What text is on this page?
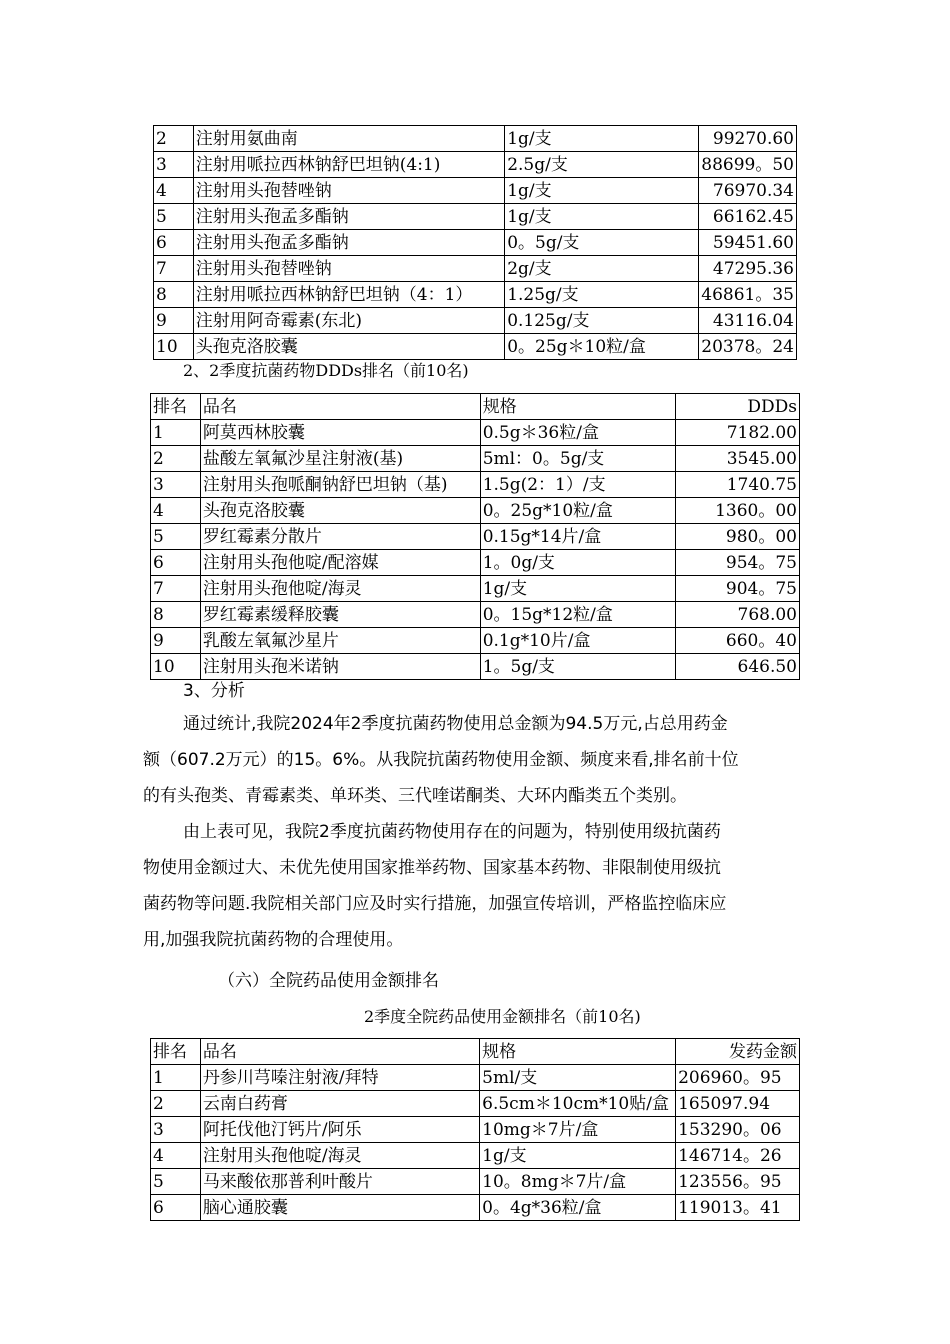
2	注射用氨曲南	1g/支	99270.60
3	注射用哌拉西林钠舒巴坦钠(4:1)	2.5g/支	88699。50
4	注射用头孢替唑钠	1g/支	76970.34
5	注射用头孢孟多酯钠	1g/支	66162.45
6	注射用头孢孟多酯钠	0。5g/支	59451.60
7	注射用头孢替唑钠	2g/支	47295.36
8	注射用哌拉西林钠舒巴坦钠（4：1）	1.25g/支	46861。35
9	注射用阿奇霉素(东北)	0.125g/支	43116.04
10	头孢克洛胶囊	0。25g＊10粒/盒	20378。24
2、2季度抗菌药物DDDs排名（前10名)
排名	品名	规格	DDDs
1	阿莫西林胶囊	0.5g＊36粒/盒	7182.00
2	盐酸左氧氟沙星注射液(基)	5ml：0。5g/支	3545.00
3	注射用头孢哌酮钠舒巴坦钠（基)	1.5g(2：1）/支	1740.75
4	头孢克洛胶囊	0。25g*10粒/盒	1360。00
5	罗红霉素分散片	0.15g*14片/盒	980。00
6	注射用头孢他啶/配溶媒	1。0g/支	954。75
7	注射用头孢他啶/海灵	1g/支	904。75
8	罗红霉素缓释胶囊	0。15g*12粒/盒	768.00
9	乳酸左氧氟沙星片	0.1g*10片/盒	660。40
10	注射用头孢米诺钠	1。5g/支	646.50
3、分析
通过统计,我院2024年2季度抗菌药物使用总金额为94.5万元,占总用药金
额（607.2万元）的15。6%。从我院抗菌药物使用金额、频度来看,排名前十位
的有头孢类、青霉素类、单环类、三代喹诺酮类、大环内酯类五个类别。
由上表可见，我院2季度抗菌药物使用存在的问题为，特别使用级抗菌药
物使用金额过大、未优先使用国家推举药物、国家基本药物、非限制使用级抗
菌药物等问题.我院相关部门应及时实行措施，加强宣传培训，严格监控临床应
用,加强我院抗菌药物的合理使用。
（六）全院药品使用金额排名
2季度全院药品使用金额排名（前10名)
排名	品名	规格	发药金额
1	丹参川芎嗪注射液/拜特	5ml/支	206960。95
2	云南白药膏	6.5cm＊10cm*10贴/盒	165097.94
3	阿托伐他汀钙片/阿乐	10mg＊7片/盒	153290。06
4	注射用头孢他啶/海灵	1g/支	146714。26
5	马来酸依那普利叶酸片	10。8mg＊7片/盒	123556。95
6	脑心通胶囊	0。4g*36粒/盒	119013。41
